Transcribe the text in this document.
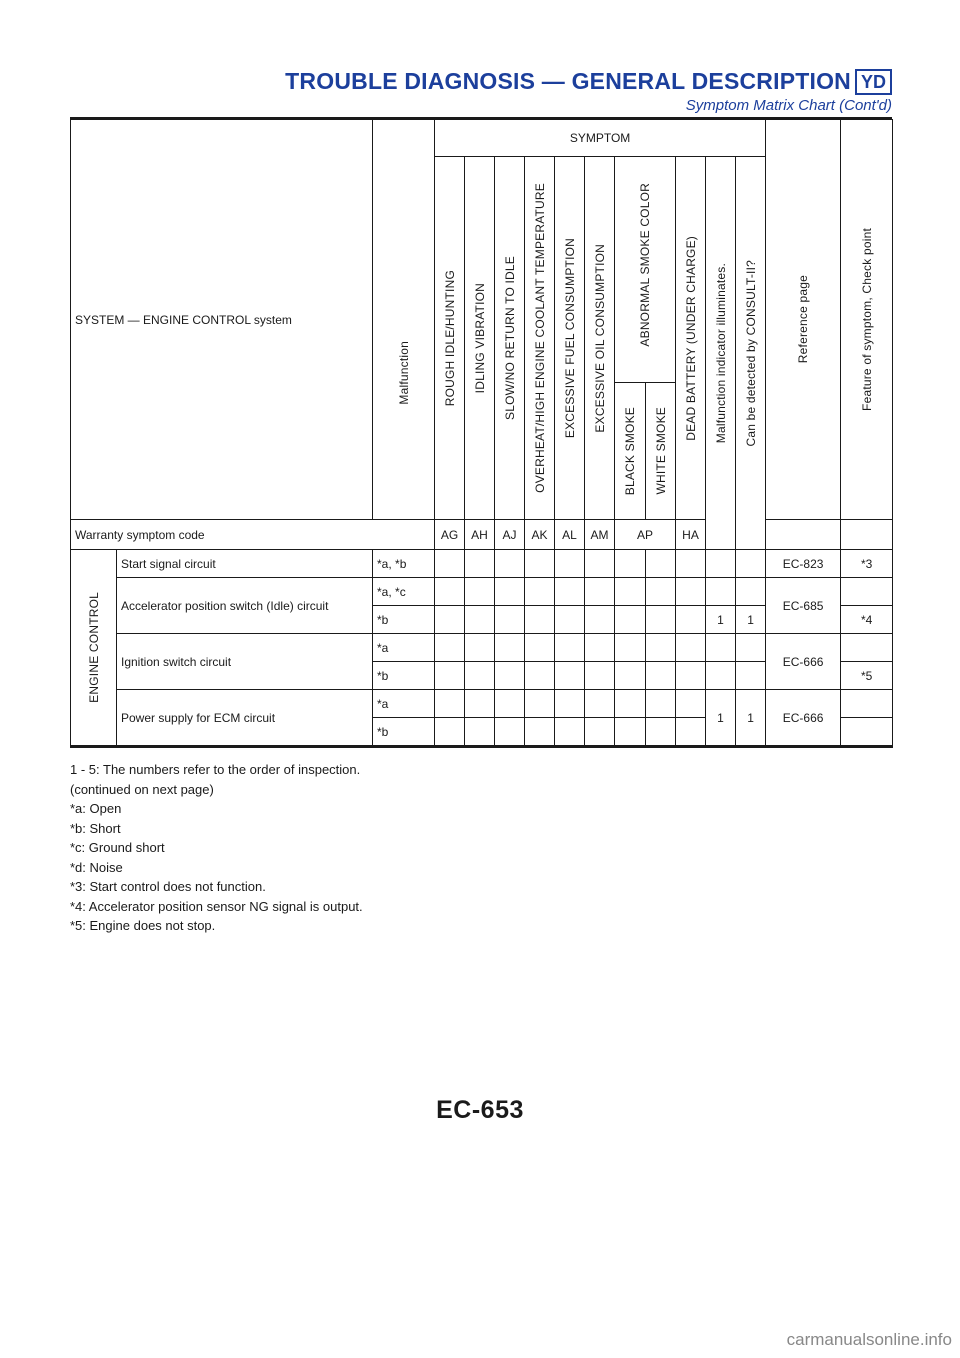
TROUBLE DIAGNOSIS — GENERAL DESCRIPTION YD
Symptom Matrix Chart (Cont'd)
SYSTEM — ENGINE CONTROL system		Malfunction	SYMPTOM											Reference page	Feature of symptom, Check point	

			ROUGH IDLE/HUNTING	IDLING VIBRATION	SLOW/NO RETURN TO IDLE	OVERHEAT/HIGH ENGINE COOLANT TEMPERATURE	EXCESSIVE FUEL CONSUMPTION	EXCESSIVE OIL CONSUMPTION	ABNORMAL SMOKE COLOR		DEAD BATTERY (UNDER CHARGE)	Malfunction indicator illuminates.	Can be detected by CONSULT-II?			

									BLACK SMOKE	WHITE SMOKE						

Warranty symptom code			AG	AH	AJ	AK	AL	AM	AP		HA					

ENGINE CONTROL	Start signal circuit	*a, *b												EC-823	*3	
	Accelerator position switch (Idle) circuit	*a, *c												EC-685		
		*b										1	1		*4	
	Ignition switch circuit	*a												EC-666		
		*b													*5	
	Power supply for ECM circuit	*a										1	1	EC-666		
		*b														
1 - 5: The numbers refer to the order of inspection.
(continued on next page)
*a: Open
*b: Short
*c: Ground short
*d: Noise
*3: Start control does not function.
*4: Accelerator position sensor NG signal is output.
*5: Engine does not stop.
EC-653
carmanualsonline.info
